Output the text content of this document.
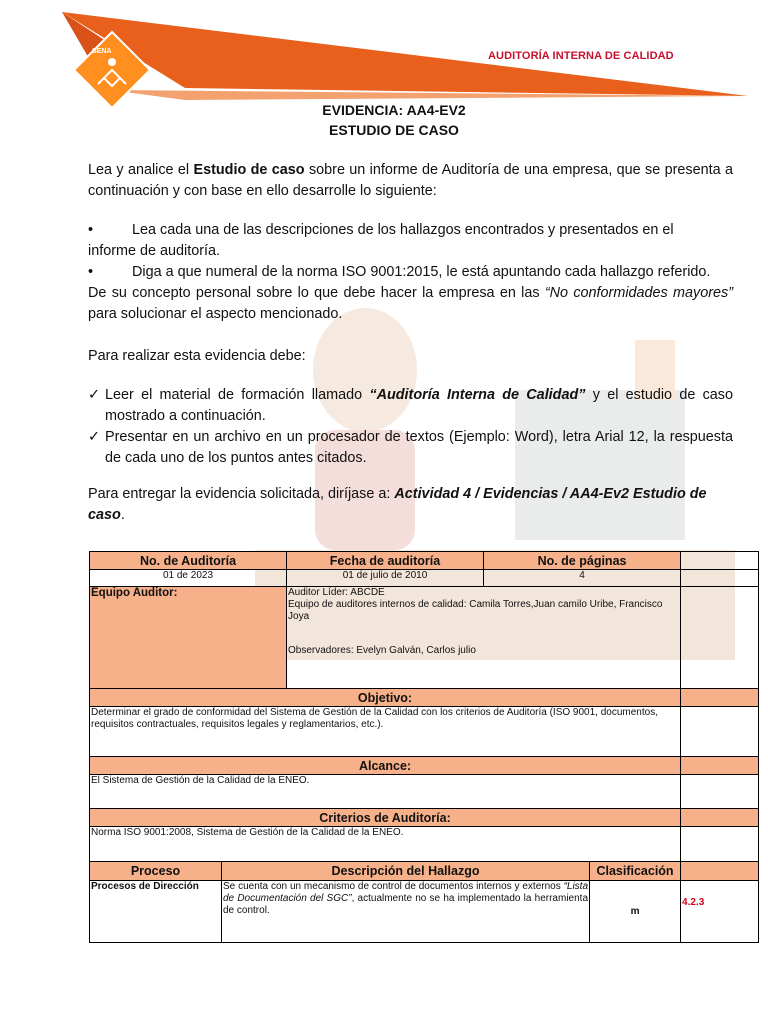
SENA	AUDITORÍA INTERNA DE CALIDAD
EVIDENCIA: AA4-EV2
ESTUDIO DE CASO
Lea y analice el Estudio de caso sobre un informe de Auditoría de una empresa, que se presenta a continuación y con base en ello desarrolle lo siguiente:
•	Lea cada una de las descripciones de los hallazgos encontrados y presentados en el
informe de auditoría.
•	Diga a que numeral de la norma ISO 9001:2015, le está apuntando cada hallazgo referido.
De su concepto personal sobre lo que debe hacer la empresa en las “No conformidades mayores” para solucionar el aspecto mencionado.
Para realizar esta evidencia debe:
✓ Leer el material de formación llamado “Auditoría Interna de Calidad” y el estudio de caso mostrado a continuación.
✓ Presentar en un archivo en un procesador de textos (Ejemplo: Word), letra Arial 12, la respuesta de cada uno de los puntos antes citados.
Para entregar la evidencia solicitada, diríjase a: Actividad 4 / Evidencias / AA4-Ev2 Estudio de caso.
No. de Auditoría		Fecha de auditoría	No. de páginas		
01 de 2023		01 de julio de 2010	4		
Equipo Auditor:		Auditor Líder: ABCDE
Equipo de auditores internos de calidad: Camila Torres,Juan camilo Uribe, Francisco Joya
Observadores: Evelyn Galván, Carlos julio			

Objetivo:					
Determinar el grado de conformidad del Sistema de Gestión de la Calidad con los criterios de Auditoría (ISO 9001, documentos, requisitos contractuales, requisitos legales y reglamentarios, etc.).					
Alcance:					
El Sistema de Gestión de la Calidad de la ENEO.					
Criterios de Auditoría:					
Norma ISO 9001:2008, Sistema de Gestión de la Calidad de la ENEO.					
Proceso	Descripción del Hallazgo			Clasificación	
Procesos de Dirección	Se cuenta con un mecanismo de control de documentos internos y externos “Lista de Documentación del SGC”, actualmente no se ha implementado la herramienta de control.			m	4.2.3
